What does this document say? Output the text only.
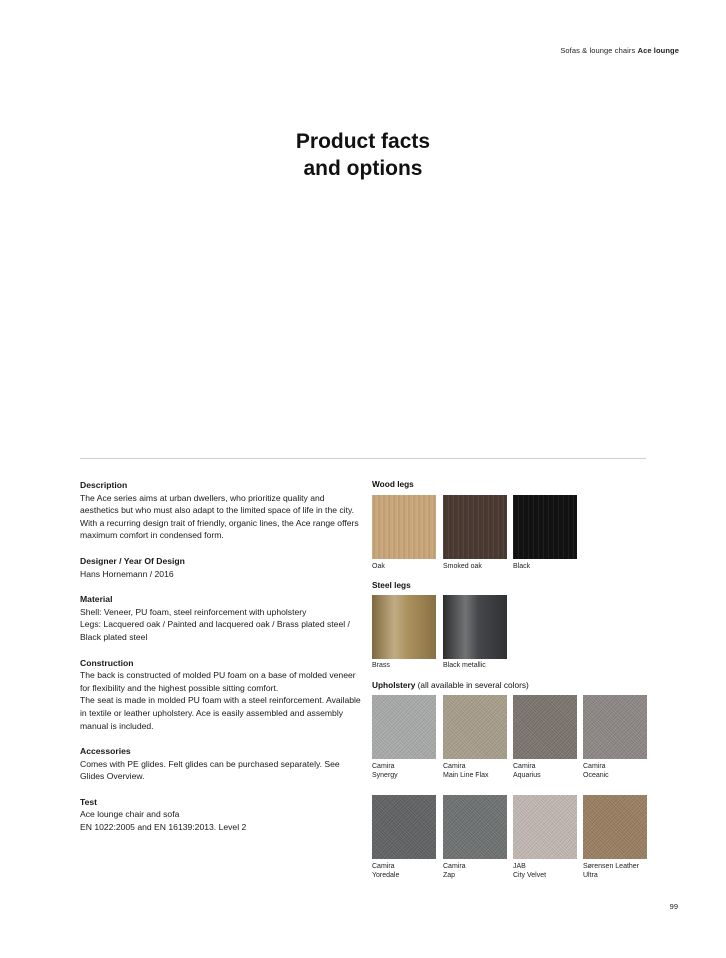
Sofas & lounge chairs Ace lounge
Product facts
and options
Description

The Ace series aims at urban dwellers, who prioritize quality and aesthetics but who must also adapt to the limited space of life in the city. With a recurring design trait of friendly, organic lines, the Ace range offers maximum comfort in condensed form.

Designer / Year Of Design

Hans Hornemann / 2016

Material

Shell: Veneer, PU foam, steel reinforcement with upholstery

Legs: Lacquered oak / Painted and lacquered oak / Brass plated steel / Black plated steel

Construction

The back is constructed of molded PU foam on a base of molded veneer for flexibility and the highest possible sitting comfort.

The seat is made in molded PU foam with a steel reinforcement. Available in textile or leather upholstery. Ace is easily assembled and assembly manual is included.

Accessories

Comes with PE glides. Felt glides can be purchased separately. See Glides Overview.

Test

Ace lounge chair and sofa

EN 1022:2005 and EN 16139:2013. Level 2

Wood legs
Oak	Smoked oak	Black
Steel legs
Brass	Black metallic
Upholstery (all available in several colors)
Camira
Synergy
Camira
Main Line Flax
Camira
Aquarius
Camira
Oceanic
Camira
Yoredale
Camira
Zap
JAB
City Velvet
Sørensen Leather
Ultra
99
